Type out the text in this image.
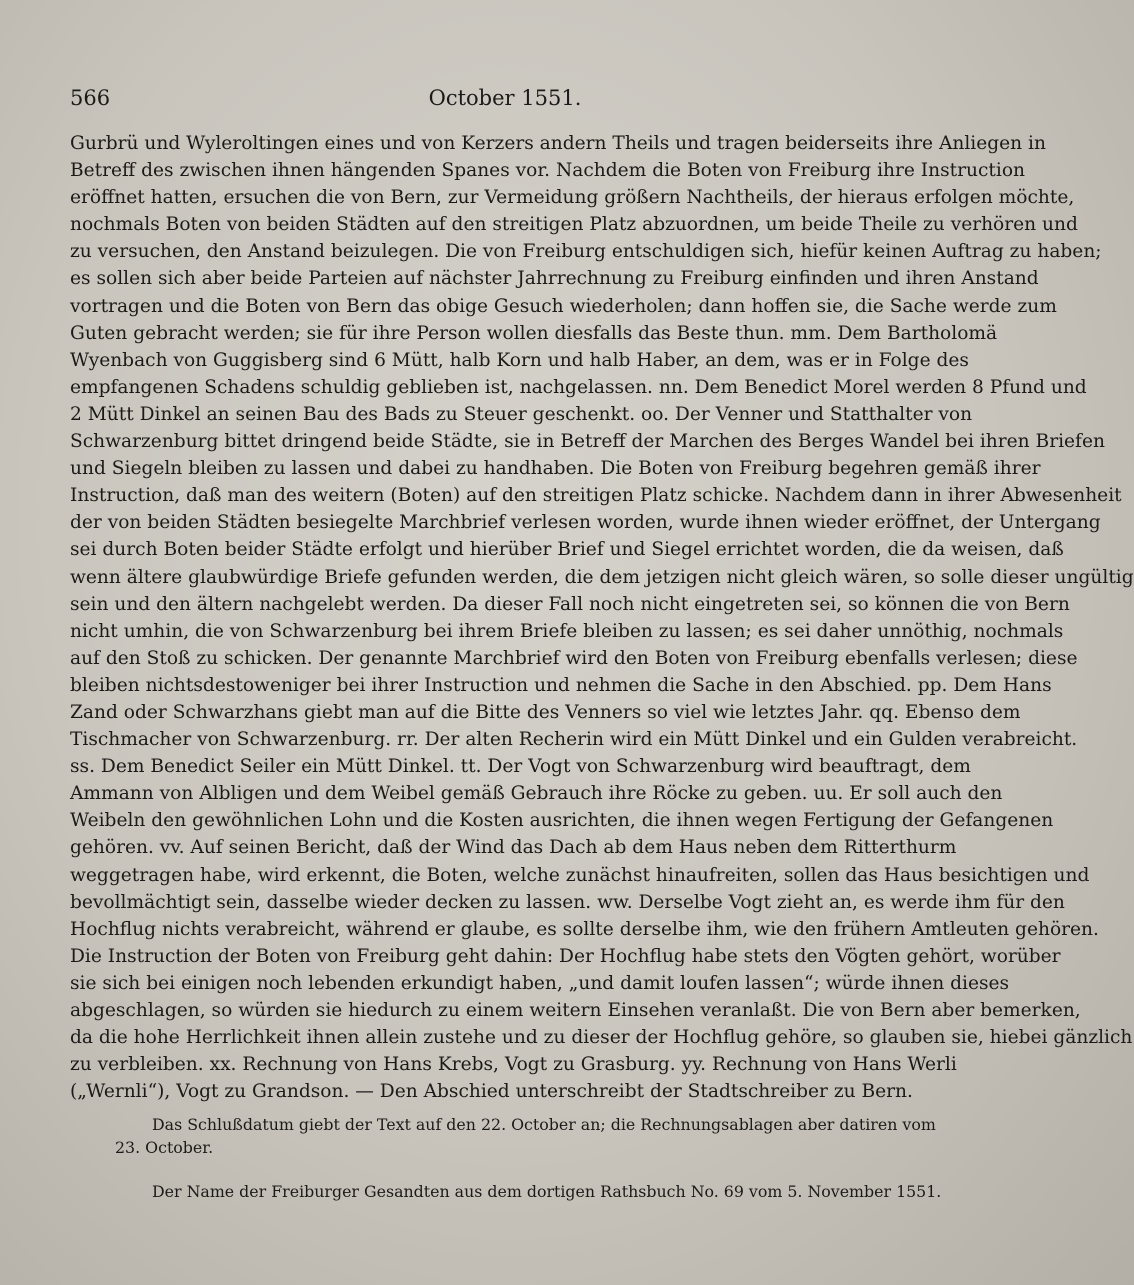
566	October 1551.
Gurbrü und Wyleroltingen eines und von Kerzers andern Theils und tragen beiderseits ihre Anliegen in
Betreff des zwischen ihnen hängenden Spanes vor. Nachdem die Boten von Freiburg ihre Instruction
eröffnet hatten, ersuchen die von Bern, zur Vermeidung größern Nachtheils, der hieraus erfolgen möchte,
nochmals Boten von beiden Städten auf den streitigen Platz abzuordnen, um beide Theile zu verhören und
zu versuchen, den Anstand beizulegen. Die von Freiburg entschuldigen sich, hiefür keinen Auftrag zu haben;
es sollen sich aber beide Parteien auf nächster Jahrrechnung zu Freiburg einfinden und ihren Anstand
vortragen und die Boten von Bern das obige Gesuch wiederholen; dann hoffen sie, die Sache werde zum
Guten gebracht werden; sie für ihre Person wollen diesfalls das Beste thun. mm. Dem Bartholomä
Wyenbach von Guggisberg sind 6 Mütt, halb Korn und halb Haber, an dem, was er in Folge des
empfangenen Schadens schuldig geblieben ist, nachgelassen. nn. Dem Benedict Morel werden 8 Pfund und
2 Mütt Dinkel an seinen Bau des Bads zu Steuer geschenkt. oo. Der Venner und Statthalter von
Schwarzenburg bittet dringend beide Städte, sie in Betreff der Marchen des Berges Wandel bei ihren Briefen
und Siegeln bleiben zu lassen und dabei zu handhaben. Die Boten von Freiburg begehren gemäß ihrer
Instruction, daß man des weitern (Boten) auf den streitigen Platz schicke. Nachdem dann in ihrer Abwesenheit
der von beiden Städten besiegelte Marchbrief verlesen worden, wurde ihnen wieder eröffnet, der Untergang
sei durch Boten beider Städte erfolgt und hierüber Brief und Siegel errichtet worden, die da weisen, daß
wenn ältere glaubwürdige Briefe gefunden werden, die dem jetzigen nicht gleich wären, so solle dieser ungültig
sein und den ältern nachgelebt werden. Da dieser Fall noch nicht eingetreten sei, so können die von Bern
nicht umhin, die von Schwarzenburg bei ihrem Briefe bleiben zu lassen; es sei daher unnöthig, nochmals
auf den Stoß zu schicken. Der genannte Marchbrief wird den Boten von Freiburg ebenfalls verlesen; diese
bleiben nichtsdestoweniger bei ihrer Instruction und nehmen die Sache in den Abschied. pp. Dem Hans
Zand oder Schwarzhans giebt man auf die Bitte des Venners so viel wie letztes Jahr. qq. Ebenso dem
Tischmacher von Schwarzenburg. rr. Der alten Recherin wird ein Mütt Dinkel und ein Gulden verabreicht.
ss. Dem Benedict Seiler ein Mütt Dinkel. tt. Der Vogt von Schwarzenburg wird beauftragt, dem
Ammann von Albligen und dem Weibel gemäß Gebrauch ihre Röcke zu geben. uu. Er soll auch den
Weibeln den gewöhnlichen Lohn und die Kosten ausrichten, die ihnen wegen Fertigung der Gefangenen
gehören. vv. Auf seinen Bericht, daß der Wind das Dach ab dem Haus neben dem Ritterthurm
weggetragen habe, wird erkennt, die Boten, welche zunächst hinaufreiten, sollen das Haus besichtigen und
bevollmächtigt sein, dasselbe wieder decken zu lassen. ww. Derselbe Vogt zieht an, es werde ihm für den
Hochflug nichts verabreicht, während er glaube, es sollte derselbe ihm, wie den frühern Amtleuten gehören.
Die Instruction der Boten von Freiburg geht dahin: Der Hochflug habe stets den Vögten gehört, worüber
sie sich bei einigen noch lebenden erkundigt haben, „und damit loufen lassen“; würde ihnen dieses
abgeschlagen, so würden sie hiedurch zu einem weitern Einsehen veranlaßt. Die von Bern aber bemerken,
da die hohe Herrlichkeit ihnen allein zustehe und zu dieser der Hochflug gehöre, so glauben sie, hiebei gänzlich
zu verbleiben. xx. Rechnung von Hans Krebs, Vogt zu Grasburg. yy. Rechnung von Hans Werli
(„Wernli“), Vogt zu Grandson. — Den Abschied unterschreibt der Stadtschreiber zu Bern.
Das Schlußdatum giebt der Text auf den 22. October an; die Rechnungsablagen aber datiren vom
23. October.
Der Name der Freiburger Gesandten aus dem dortigen Rathsbuch No. 69 vom 5. November 1551.
